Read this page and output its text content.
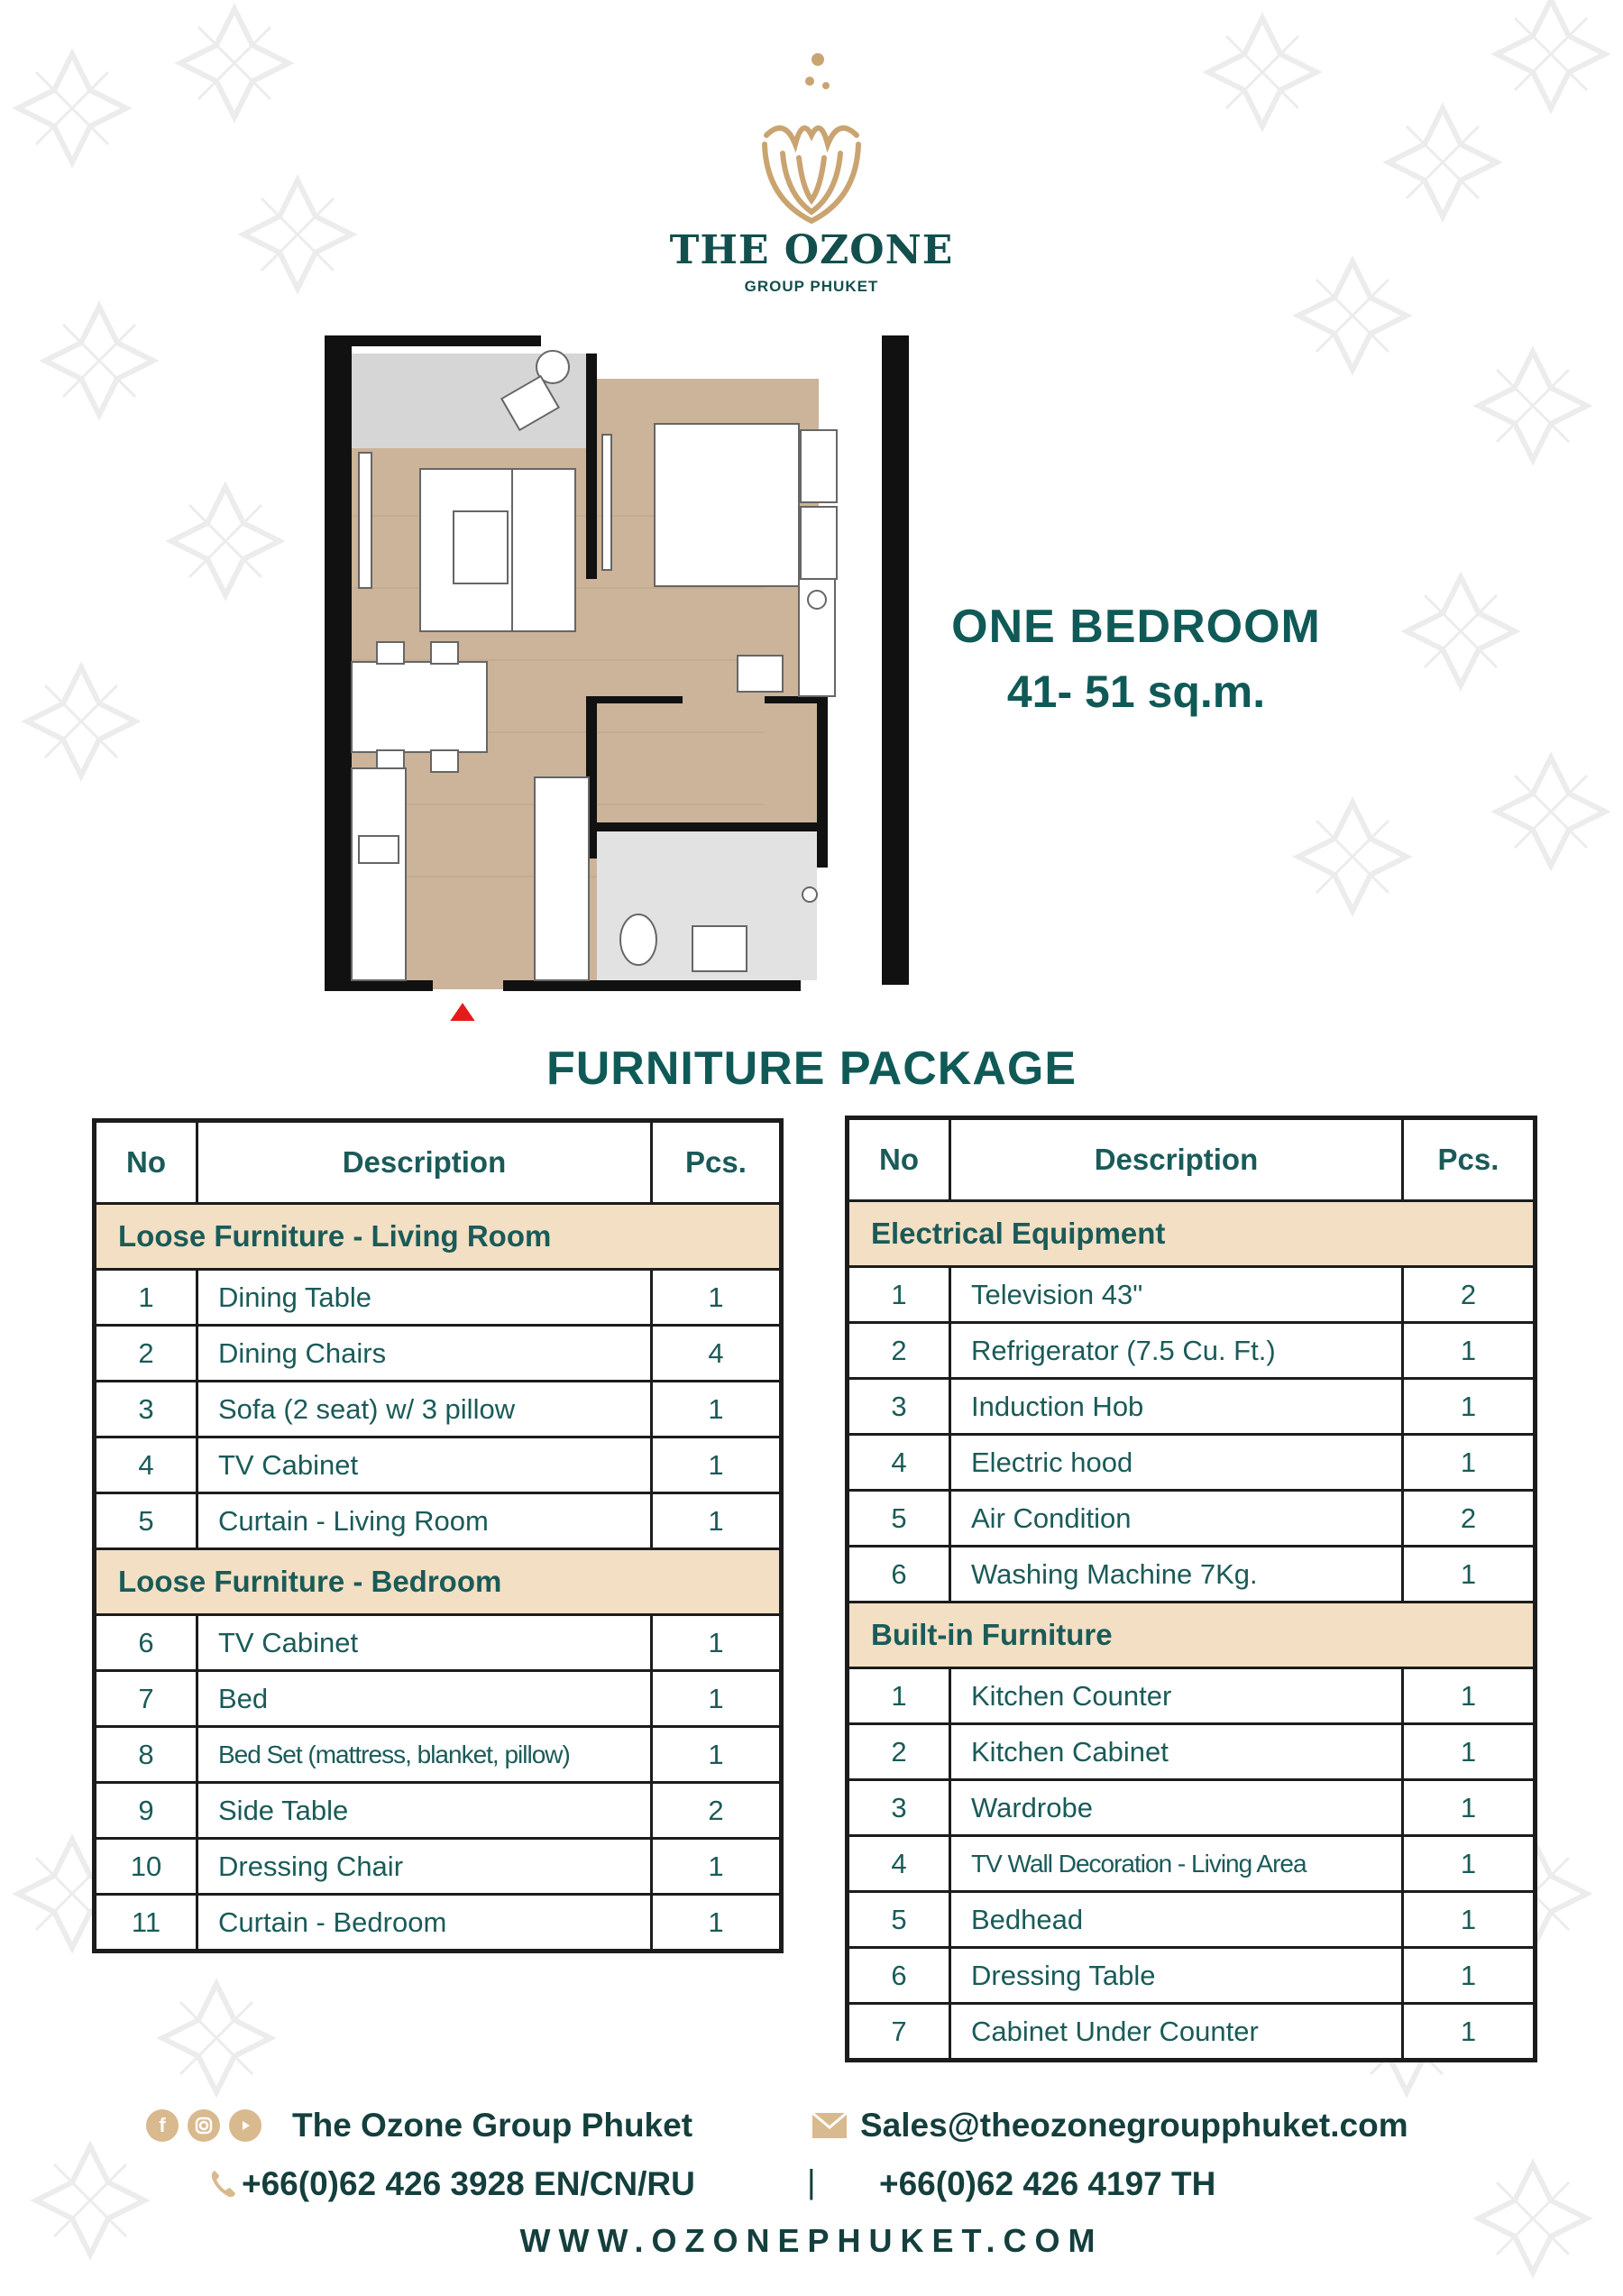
THE OZONE
GROUP PHUKET
ONE BEDROOM
41- 51 sq.m.
FURNITURE PACKAGE
No	Description	Pcs.
Loose Furniture - Living Room		
1	Dining Table	1
2	Dining Chairs	4
3	Sofa (2 seat) w/ 3 pillow	1
4	TV Cabinet	1
5	Curtain - Living Room	1
Loose Furniture - Bedroom		
6	TV Cabinet	1
7	Bed	1
8	Bed Set (mattress, blanket, pillow)	1
9	Side Table	2
10	Dressing Chair	1
11	Curtain - Bedroom	1
No	Description	Pcs.
Electrical Equipment		
1	Television 43"	2
2	Refrigerator (7.5 Cu. Ft.)	1
3	Induction Hob	1
4	Electric hood	1
5	Air Condition	2
6	Washing Machine 7Kg.	1
Built-in Furniture		
1	Kitchen Counter	1
2	Kitchen Cabinet	1
3	Wardrobe	1
4	TV Wall Decoration - Living Area	1
5	Bedhead	1
6	Dressing Table	1
7	Cabinet Under Counter	1
f	The Ozone Group Phuket	Sales@theozonegroupphuket.com
+66(0)62 426 3928 EN/CN/RU	| +66(0)62 426 4197 TH
WWW.OZONEPHUKET.COM
